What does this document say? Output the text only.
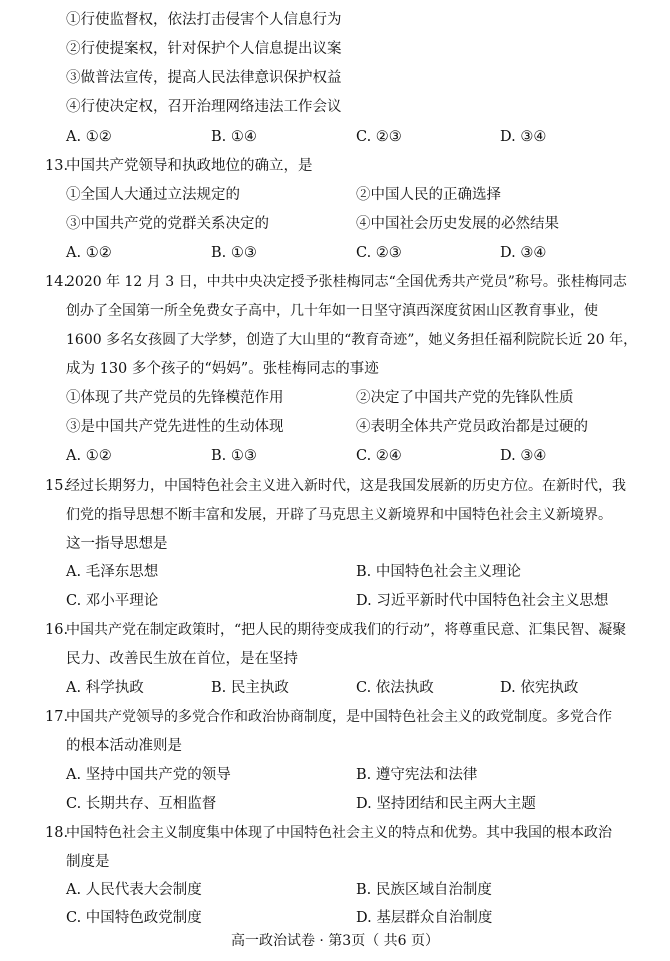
①行使监督权，依法打击侵害个人信息行为
②行使提案权，针对保护个人信息提出议案
③做普法宣传，提高人民法律意识保护权益
④行使决定权，召开治理网络违法工作会议
A. ①②	B. ①④	C. ②③	D. ③④
13.
中国共产党领导和执政地位的确立，是
①全国人大通过立法规定的	②中国人民的正确选择
③中国共产党的党群关系决定的	④中国社会历史发展的必然结果
A. ①②	B. ①③	C. ②③	D. ③④
14.
2020 年 12 月 3 日，中共中央决定授予张桂梅同志“全国优秀共产党员”称号。张桂梅同志
创办了全国第一所全免费女子高中，几十年如一日坚守滇西深度贫困山区教育事业，使
1600 多名女孩圆了大学梦，创造了大山里的“教育奇迹”，她义务担任福利院院长近 20 年，
成为 130 多个孩子的“妈妈”。张桂梅同志的事迹
①体现了共产党员的先锋模范作用	②决定了中国共产党的先锋队性质
③是中国共产党先进性的生动体现	④表明全体共产党员政治都是过硬的
A. ①②	B. ①③	C. ②④	D. ③④
15.
经过长期努力，中国特色社会主义进入新时代，这是我国发展新的历史方位。在新时代，我
们党的指导思想不断丰富和发展，开辟了马克思主义新境界和中国特色社会主义新境界。
这一指导思想是
A. 毛泽东思想	B. 中国特色社会主义理论
C. 邓小平理论	D. 习近平新时代中国特色社会主义思想
16.
中国共产党在制定政策时，“把人民的期待变成我们的行动”，将尊重民意、汇集民智、凝聚
民力、改善民生放在首位，是在坚持
A. 科学执政	B. 民主执政	C. 依法执政	D. 依宪执政
17.
中国共产党领导的多党合作和政治协商制度，是中国特色社会主义的政党制度。多党合作
的根本活动准则是
A. 坚持中国共产党的领导	B. 遵守宪法和法律
C. 长期共存、互相监督	D. 坚持团结和民主两大主题
18.
中国特色社会主义制度集中体现了中国特色社会主义的特点和优势。其中我国的根本政治
制度是
A. 人民代表大会制度	B. 民族区域自治制度
C. 中国特色政党制度	D. 基层群众自治制度
高一政治试卷 · 第3页（ 共6 页）
